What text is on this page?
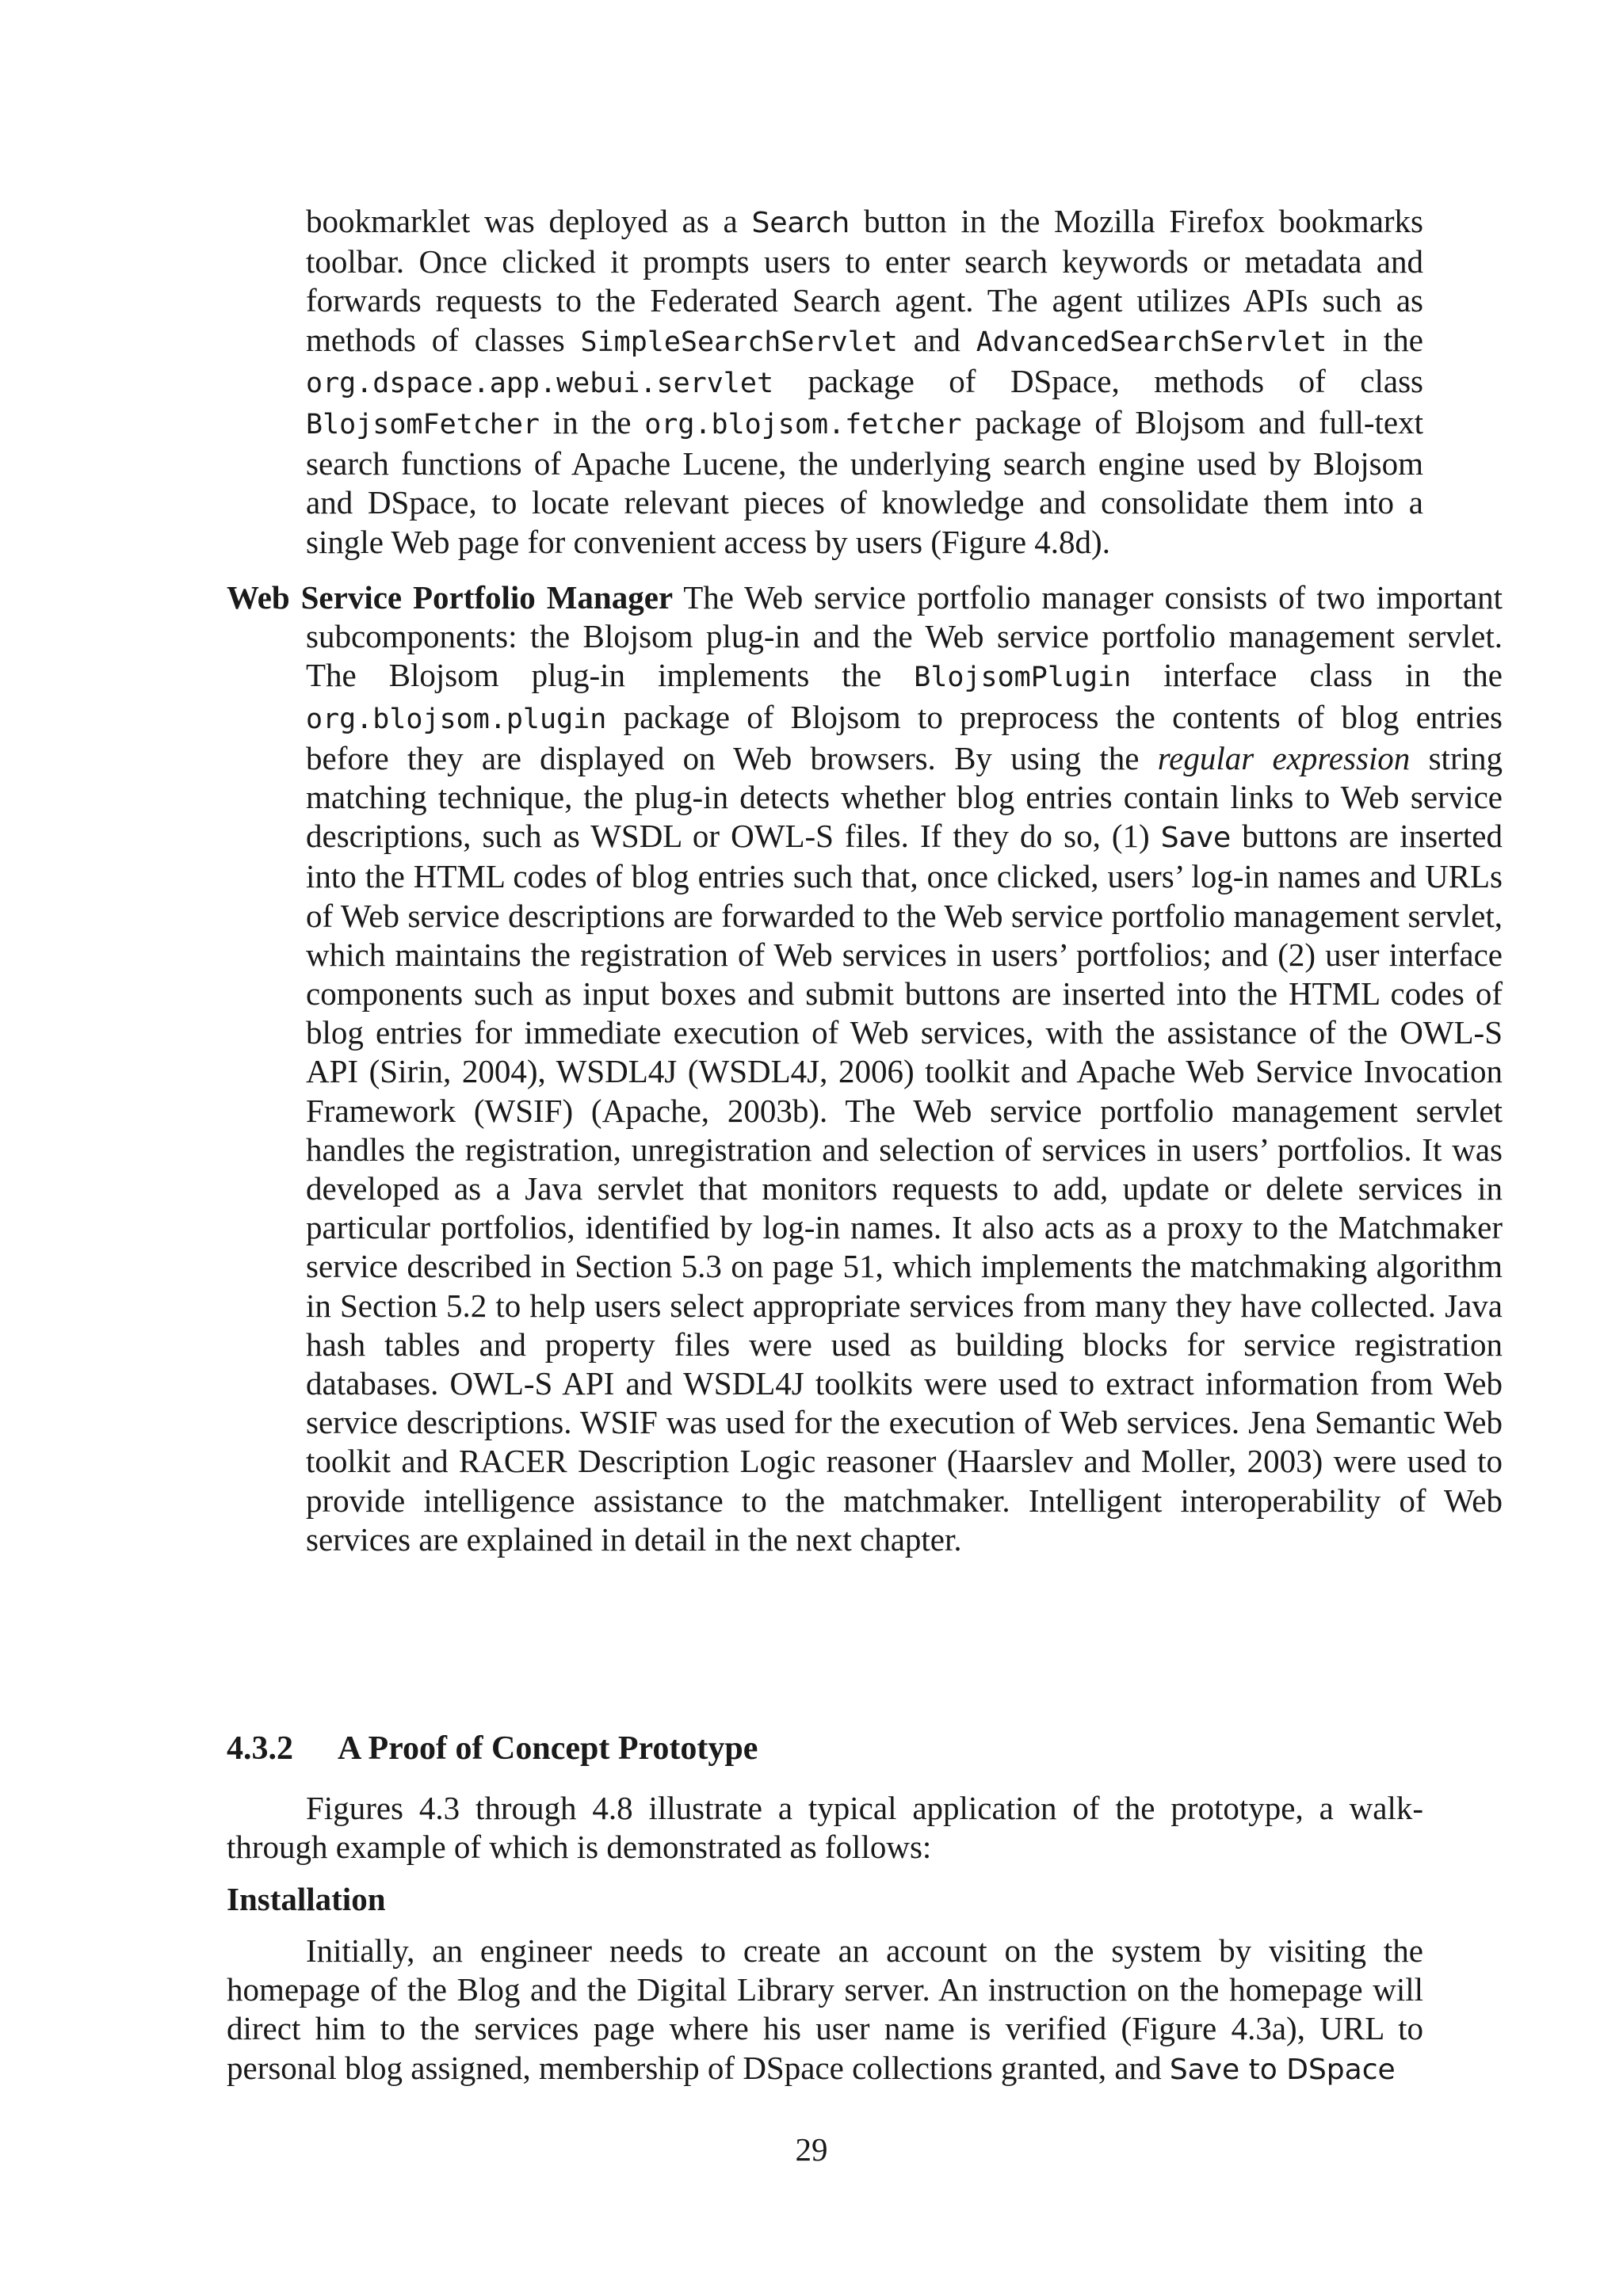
bookmarklet was deployed as a Search button in the Mozilla Firefox bookmarks toolbar. Once clicked it prompts users to enter search keywords or metadata and forwards requests to the Federated Search agent. The agent utilizes APIs such as methods of classes SimpleSearchServlet and AdvancedSearchServlet in the org.dspace.app.webui.servlet package of DSpace, methods of class BlojsomFetcher in the org.blojsom.fetcher package of Blojsom and full-text search functions of Apache Lucene, the underlying search engine used by Blojsom and DSpace, to locate relevant pieces of knowledge and consolidate them into a single Web page for convenient access by users (Figure 4.8d).
Web Service Portfolio Manager The Web service portfolio manager consists of two important subcomponents: the Blojsom plug-in and the Web service portfolio management servlet. The Blojsom plug-in implements the BlojsomPlugin interface class in the org.blojsom.plugin package of Blojsom to preprocess the contents of blog entries before they are displayed on Web browsers. By using the regular expression string matching technique, the plug-in detects whether blog entries contain links to Web service descriptions, such as WSDL or OWL-S files. If they do so, (1) Save buttons are inserted into the HTML codes of blog entries such that, once clicked, users’ log-in names and URLs of Web service descriptions are forwarded to the Web service portfolio management servlet, which maintains the registration of Web services in users’ portfolios; and (2) user interface components such as input boxes and submit buttons are inserted into the HTML codes of blog entries for immediate execution of Web services, with the assistance of the OWL-S API (Sirin, 2004), WSDL4J (WSDL4J, 2006) toolkit and Apache Web Service Invocation Framework (WSIF) (Apache, 2003b). The Web service portfolio management servlet handles the registration, unregistration and selection of services in users’ portfolios. It was developed as a Java servlet that monitors requests to add, update or delete services in particular portfolios, identified by log-in names. It also acts as a proxy to the Matchmaker service described in Section 5.3 on page 51, which implements the matchmaking algorithm in Section 5.2 to help users select appropriate services from many they have collected. Java hash tables and property files were used as building blocks for service registration databases. OWL-S API and WSDL4J toolkits were used to extract information from Web service descriptions. WSIF was used for the execution of Web services. Jena Semantic Web toolkit and RACER Description Logic reasoner (Haarslev and Moller, 2003) were used to provide intelligence assistance to the matchmaker. Intelligent interoperability of Web services are explained in detail in the next chapter.
4.3.2 A Proof of Concept Prototype
Figures 4.3 through 4.8 illustrate a typical application of the prototype, a walk-through example of which is demonstrated as follows:
Installation
Initially, an engineer needs to create an account on the system by visiting the homepage of the Blog and the Digital Library server. An instruction on the homepage will direct him to the services page where his user name is verified (Figure 4.3a), URL to personal blog assigned, membership of DSpace collections granted, and Save to DSpace
29
